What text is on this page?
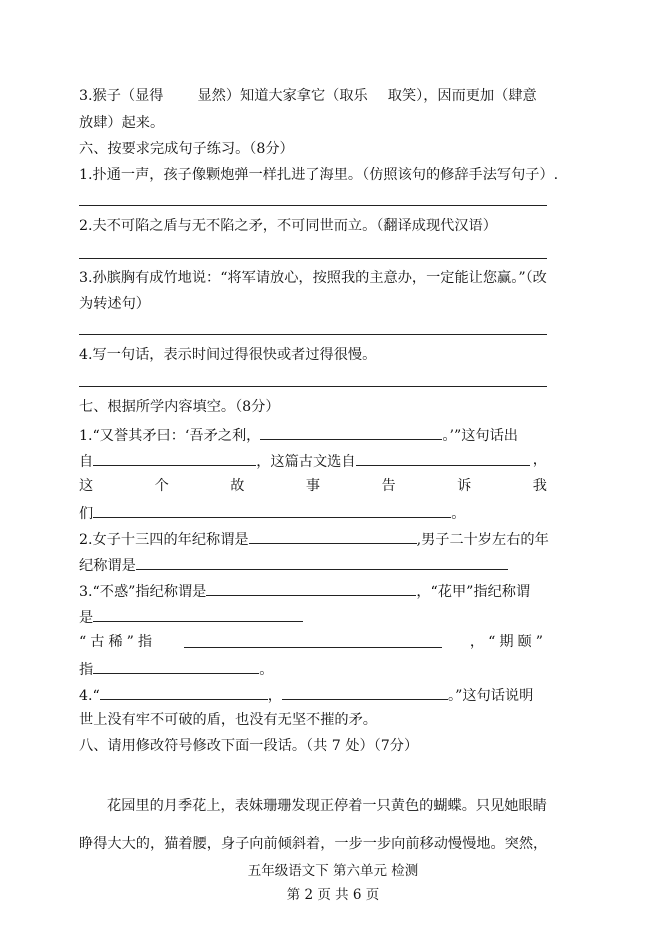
3.猴子（显得 显然）知道大家拿它（取乐 取笑），因而更加（肆意
放肆）起来。
六、按要求完成句子练习。（8分）
1.扑通一声，孩子像颗炮弹一样扎进了海里。（仿照该句的修辞手法写句子）.
2.夫不可陷之盾与无不陷之矛，不可同世而立。（翻译成现代汉语）
3.孙膑胸有成竹地说：“将军请放心，按照我的主意办，一定能让您赢。”（改
为转述句）
4.写一句话，表示时间过得很快或者过得很慢。
七、根据所学内容填空。（8分）
1.“又誉其矛曰：‘吾矛之利，	。’”这句话出
自	，这篇古文选自	，
这	个	故	事	告	诉	我
们	。
2.女子十三四的年纪称谓是	,男子二十岁左右的年
纪称谓是
3.“不惑”指纪称谓是	，“花甲”指纪称谓
是
“古稀”指	，“期颐”
指	。
4.“	，	。”这句话说明
世上没有牢不可破的盾，也没有无坚不摧的矛。
八、请用修改符号修改下面一段话。（共 7 处）（7分）
花园里的月季花上，表妹珊珊发现正停着一只黄色的蝴蝶。只见她眼睛
睁得大大的，猫着腰，身子向前倾斜着，一步一步向前移动慢慢地。突然，
五年级语文下 第六单元 检测
第 2 页 共 6 页
